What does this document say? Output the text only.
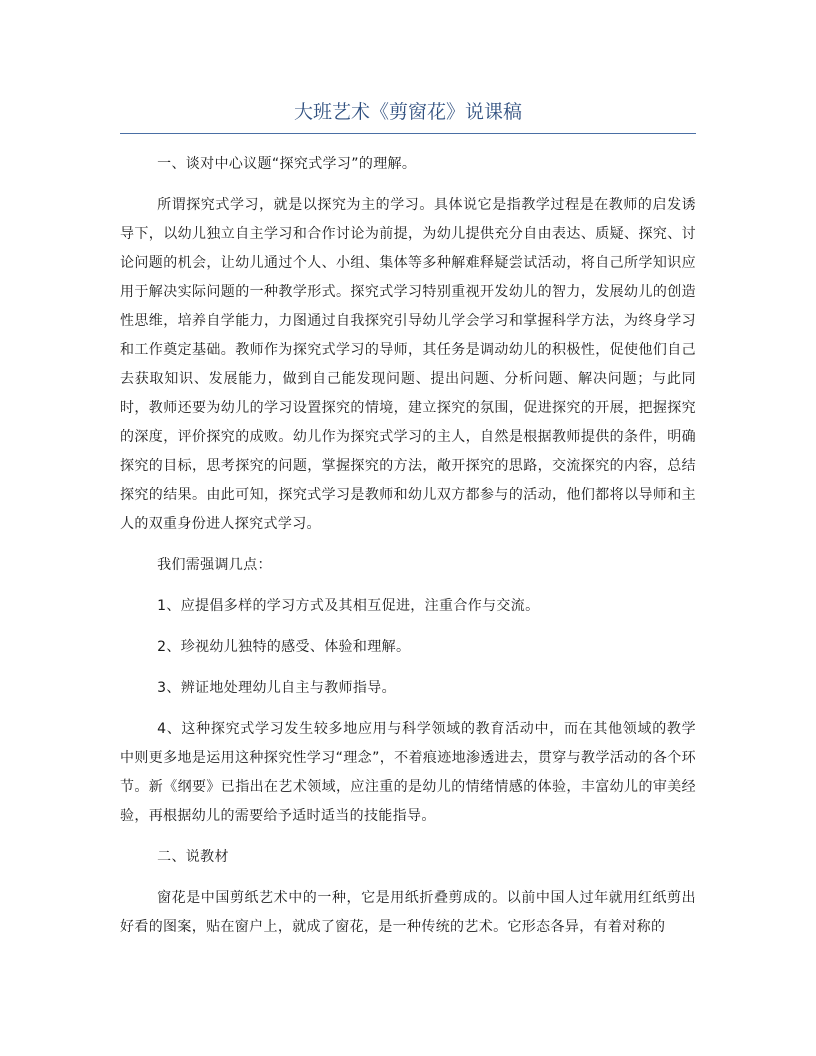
大班艺术《剪窗花》说课稿

一、谈对中心议题“探究式学习”的理解。

所谓探究式学习，就是以探究为主的学习。具体说它是指教学过程是在教师的启发诱导下，以幼儿独立自主学习和合作讨论为前提，为幼儿提供充分自由表达、质疑、探究、讨论问题的机会，让幼儿通过个人、小组、集体等多种解难释疑尝试活动，将自己所学知识应用于解决实际问题的一种教学形式。探究式学习特别重视开发幼儿的智力，发展幼儿的创造性思维，培养自学能力，力图通过自我探究引导幼儿学会学习和掌握科学方法，为终身学习和工作奠定基础。教师作为探究式学习的导师，其任务是调动幼儿的积极性，促使他们自己去获取知识、发展能力，做到自己能发现问题、提出问题、分析问题、解决问题；与此同时，教师还要为幼儿的学习设置探究的情境，建立探究的氛围，促进探究的开展，把握探究的深度，评价探究的成败。幼儿作为探究式学习的主人，自然是根据教师提供的条件，明确探究的目标，思考探究的问题，掌握探究的方法，敞开探究的思路，交流探究的内容，总结探究的结果。由此可知，探究式学习是教师和幼儿双方都参与的活动，他们都将以导师和主人的双重身份进人探究式学习。

我们需强调几点：

1、应提倡多样的学习方式及其相互促进，注重合作与交流。

2、珍视幼儿独特的感受、体验和理解。

3、辨证地处理幼儿自主与教师指导。

4、这种探究式学习发生较多地应用与科学领域的教育活动中，而在其他领域的教学中则更多地是运用这种探究性学习“理念”，不着痕迹地渗透进去，贯穿与教学活动的各个环节。新《纲要》已指出在艺术领域，应注重的是幼儿的情绪情感的体验，丰富幼儿的审美经验，再根据幼儿的需要给予适时适当的技能指导。

二、说教材

窗花是中国剪纸艺术中的一种，它是用纸折叠剪成的。以前中国人过年就用红纸剪出好看的图案，贴在窗户上，就成了窗花，是一种传统的艺术。它形态各异，有着对称的
